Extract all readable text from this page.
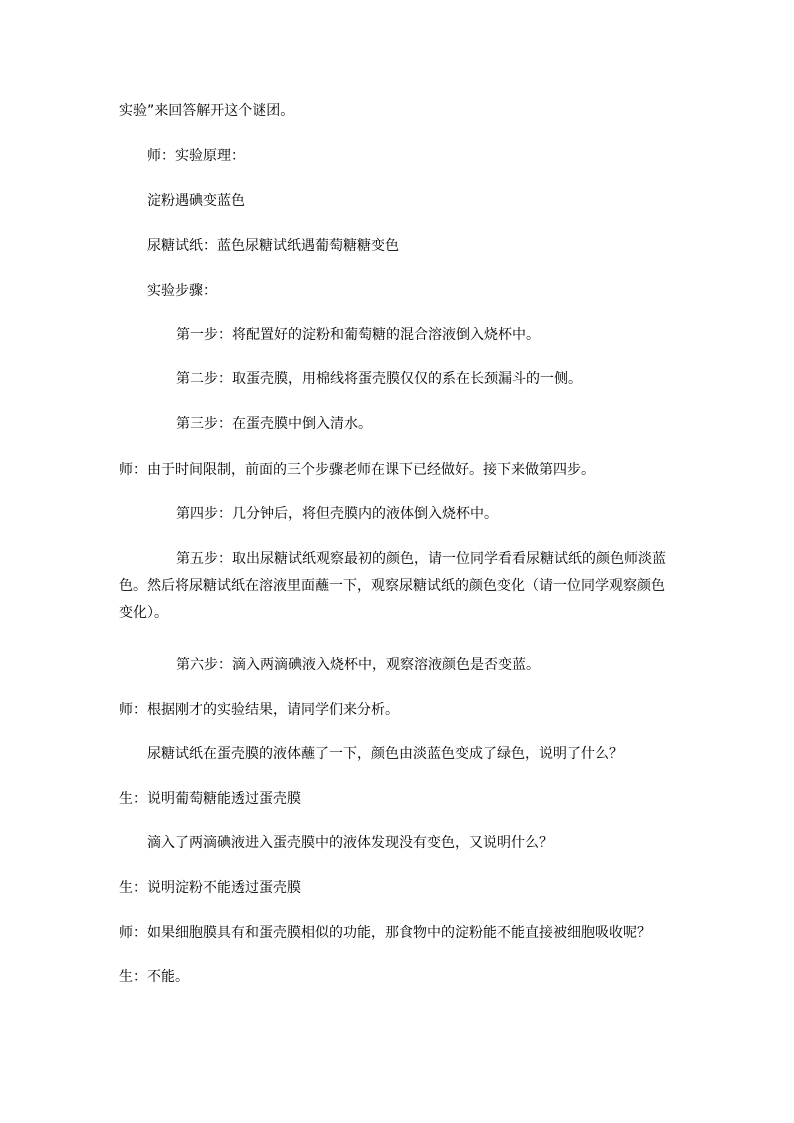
实验”来回答解开这个谜团。

师：实验原理：

淀粉遇碘变蓝色

尿糖试纸：蓝色尿糖试纸遇葡萄糖糖变色

实验步骤：

第一步：将配置好的淀粉和葡萄糖的混合溶液倒入烧杯中。

第二步：取蛋壳膜，用棉线将蛋壳膜仅仅的系在长颈漏斗的一侧。

第三步：在蛋壳膜中倒入清水。

师：由于时间限制，前面的三个步骤老师在课下已经做好。接下来做第四步。

第四步：几分钟后，将但壳膜内的液体倒入烧杯中。

第五步：取出尿糖试纸观察最初的颜色，请一位同学看看尿糖试纸的颜色师淡蓝色。然后将尿糖试纸在溶液里面蘸一下，观察尿糖试纸的颜色变化（请一位同学观察颜色变化）。

第六步：滴入两滴碘液入烧杯中，观察溶液颜色是否变蓝。

师：根据刚才的实验结果，请同学们来分析。

尿糖试纸在蛋壳膜的液体蘸了一下，颜色由淡蓝色变成了绿色，说明了什么？

生：说明葡萄糖能透过蛋壳膜

滴入了两滴碘液进入蛋壳膜中的液体发现没有变色，又说明什么？

生：说明淀粉不能透过蛋壳膜

师：如果细胞膜具有和蛋壳膜相似的功能，那食物中的淀粉能不能直接被细胞吸收呢？

生：不能。
